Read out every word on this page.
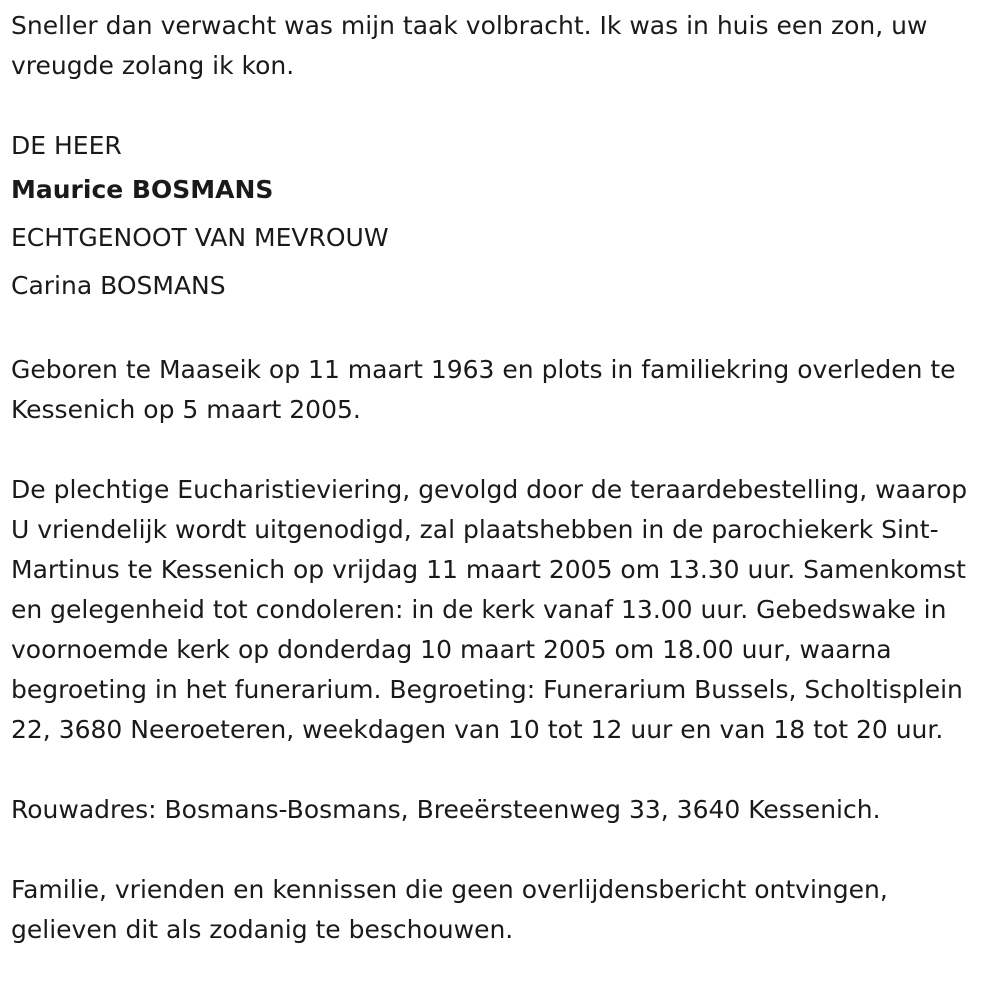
Sneller dan verwacht was mijn taak volbracht. Ik was in huis een zon, uw vreugde zolang ik kon.

DE HEER

Maurice BOSMANS

ECHTGENOOT VAN MEVROUW

Carina BOSMANS

Geboren te Maaseik op 11 maart 1963 en plots in familiekring overleden te Kessenich op 5 maart 2005.

De plechtige Eucharistieviering, gevolgd door de teraardebestelling, waarop U vriendelijk wordt uitgenodigd, zal plaatshebben in de parochiekerk Sint-Martinus te Kessenich op vrijdag 11 maart 2005 om 13.30 uur. Samenkomst en gelegenheid tot condoleren: in de kerk vanaf 13.00 uur. Gebedswake in voornoemde kerk op donderdag 10 maart 2005 om 18.00 uur, waarna begroeting in het funerarium. Begroeting: Funerarium Bussels, Scholtisplein 22, 3680 Neeroeteren, weekdagen van 10 tot 12 uur en van 18 tot 20 uur.

Rouwadres: Bosmans-Bosmans, Breeërsteenweg 33, 3640 Kessenich.

Familie, vrienden en kennissen die geen overlijdensbericht ontvingen, gelieven dit als zodanig te beschouwen.
